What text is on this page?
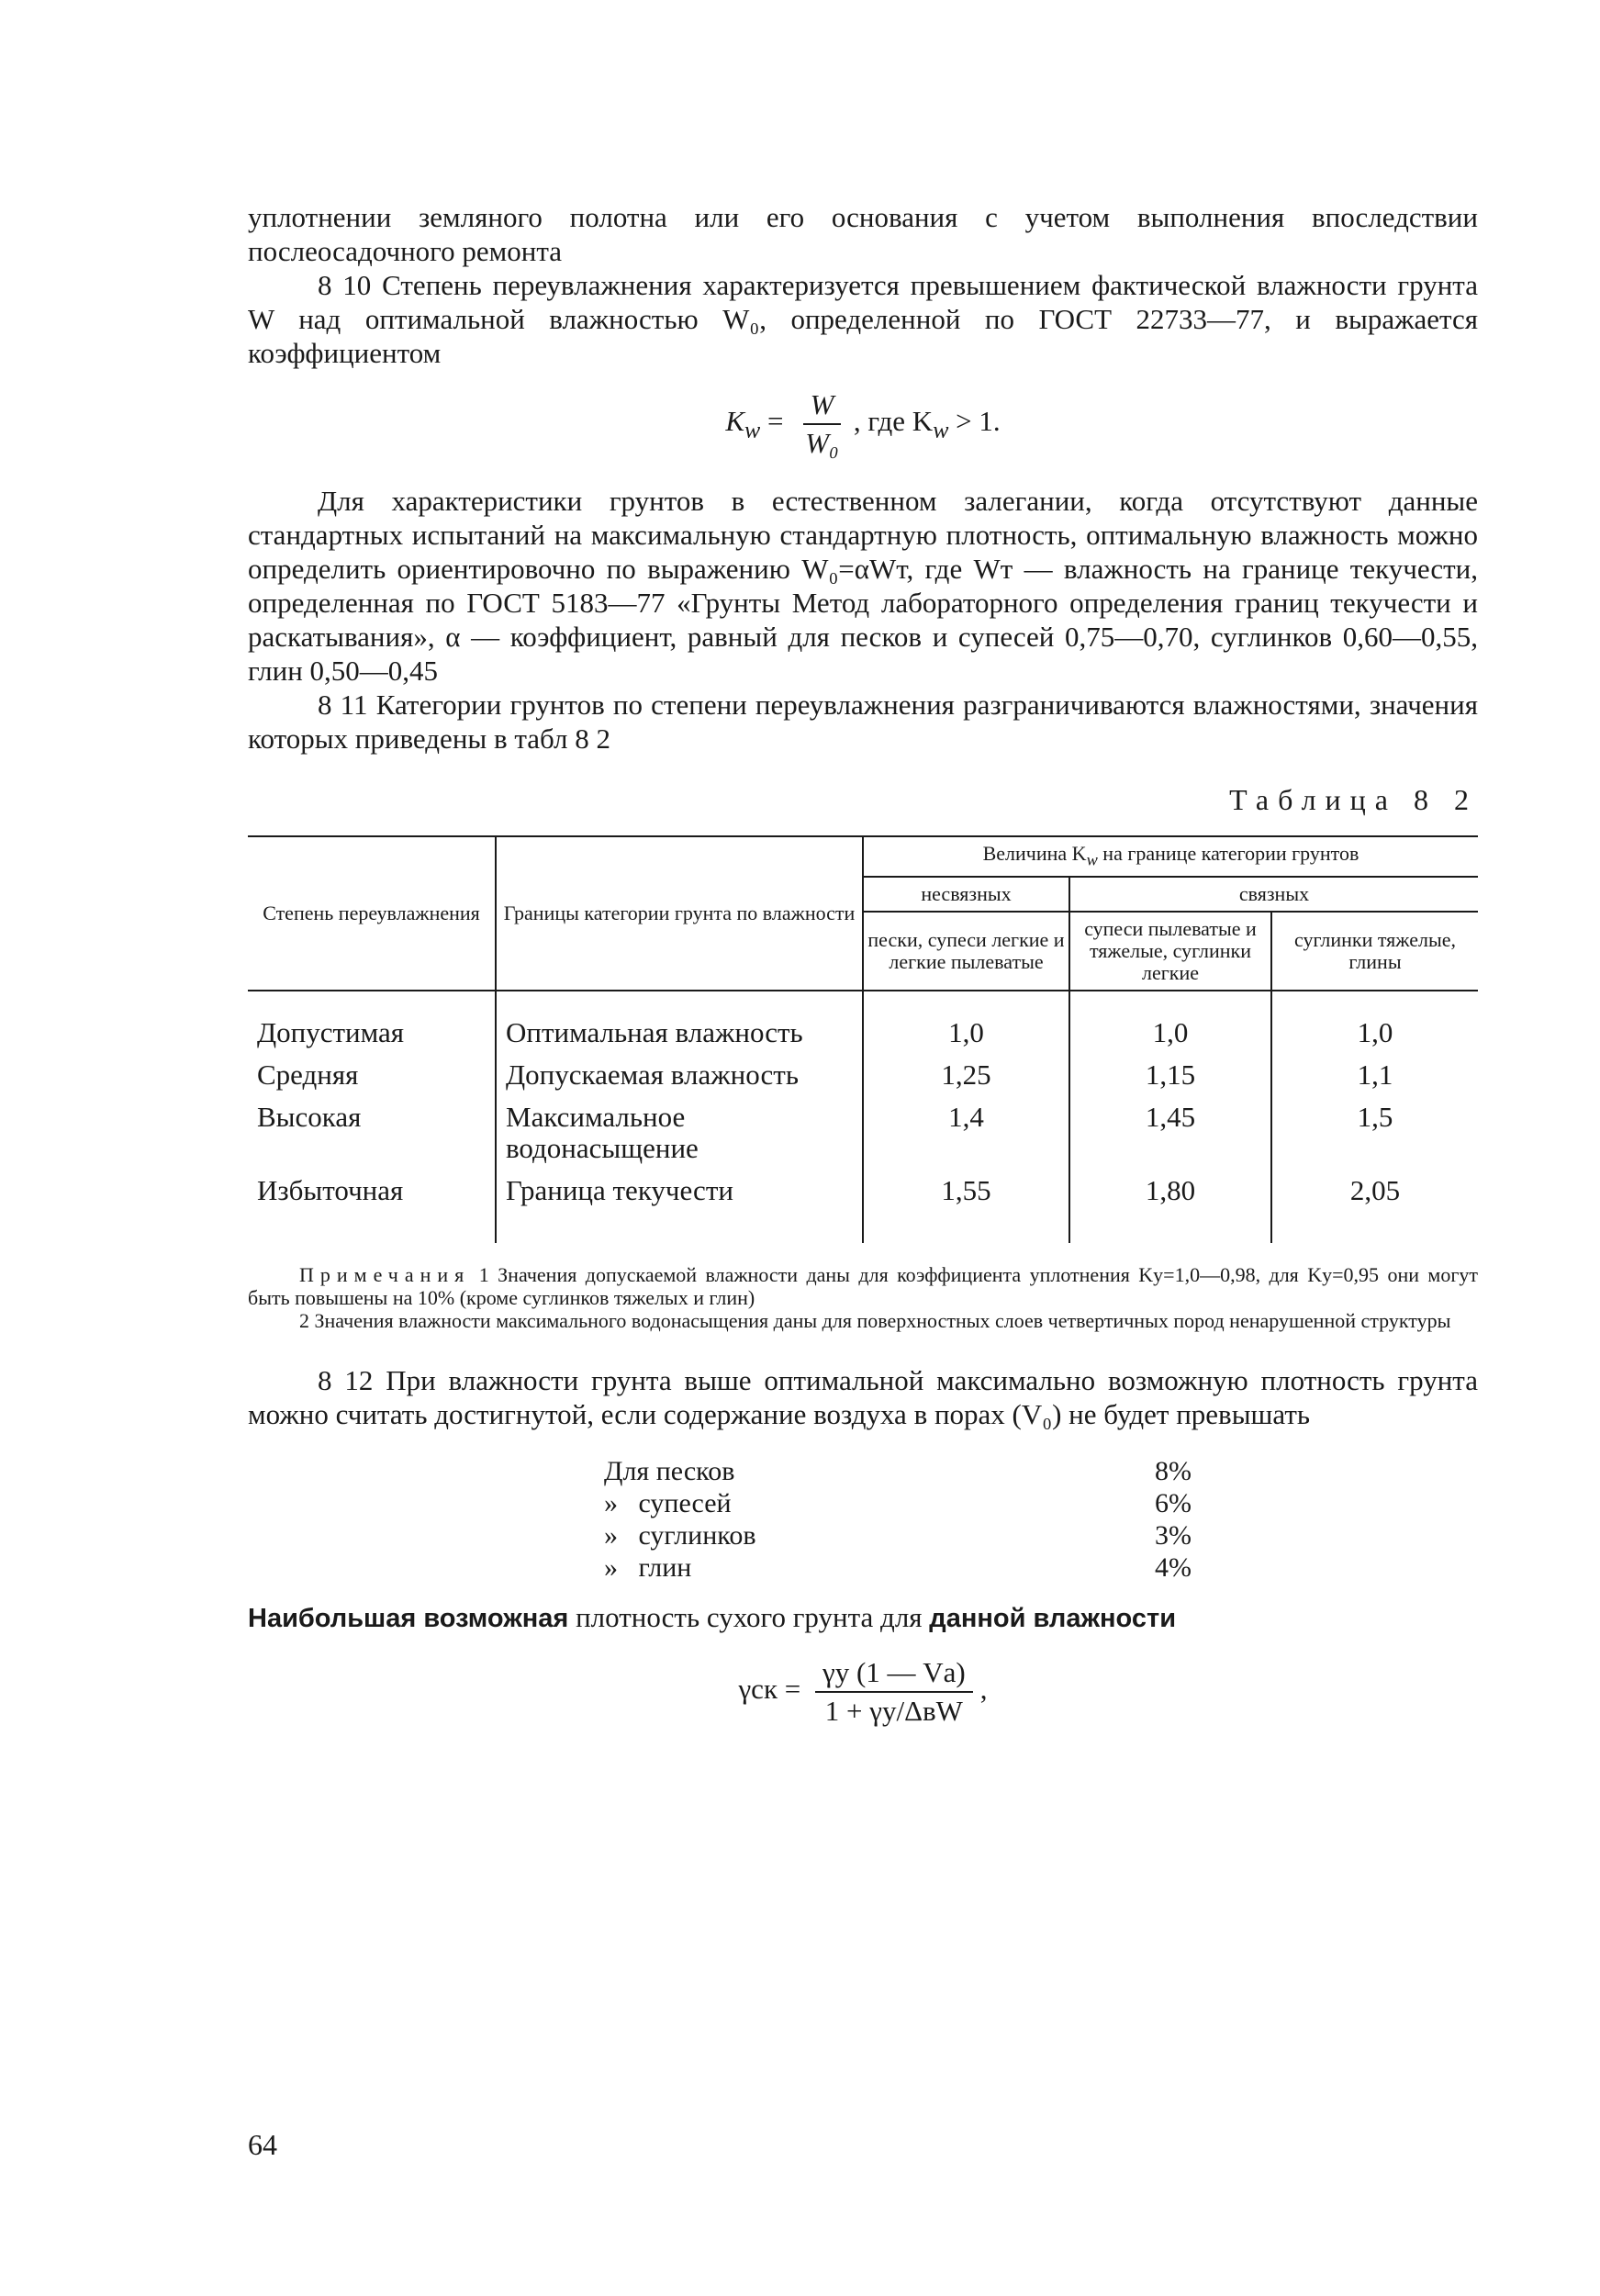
уплотнении земляного полотна или его основания с учетом выполнения впоследствии послеосадочного ремонта

8 10 Степень переувлажнения характеризуется превышением фактической влажности грунта W над оптимальной влажностью W₀, определенной по ГОСТ 22733—77, и выражается коэффициентом

$K_w = \frac{W}{\text{W₀}}$ , где $K_w > 1$.

Для характеристики грунтов в естественном залегании, когда отсутствуют данные стандартных испытаний на максимальную стандартную плотность, оптимальную влажность можно определить ориентировочно по выражению W₀=αWт, где Wт — влажность на границе текучести, определенная по ГОСТ 5183—77 «Грунты Метод лабораторного определения границ текучести и раскатывания», α — коэффициент, равный для песков и супесей 0,75—0,70, суглинков 0,60—0,55, глин 0,50—0,45

8 11 Категории грунтов по степени переувлажнения разграничиваются влажностями, значения которых приведены в табл 8 2

Таблица 8 2
Степень переувлажнения	Границы категории грунта по влажности	Величина $K_w$ на границе категории грунтов		
		несвязных	связных	
		пески, супеси легкие и легкие пылеватые	супеси пылеватые и тяжелые, суглинки легкие	суглинки тяжелые, глины
Допустимая	Оптимальная влажность	1,0	1,0	1,0
Средняя	Допускаемая влажность	1,25	1,15	1,1
Высокая	Максимальное водонасыщение	1,4	1,45	1,5
Избыточная	Граница текучести	1,55	1,80	2,05

Примечания 1 Значения допускаемой влажности даны для коэффициента уплотнения Kу=1,0—0,98, для Kу=0,95 они могут быть повышены на 10% (кроме суглинков тяжелых и глин)

2 Значения влажности максимального водонасыщения даны для поверхностных слоев четвертичных пород ненарушенной структуры

8 12 При влажности грунта выше оптимальной максимально возможную плотность грунта можно считать достигнутой, если содержание воздуха в порах (V₀) не будет превышать

Для песков	8%
»   супесей	6%
»   суглинков	3%
»   глин	4%

Наибольшая возможная плотность сухого грунта для данной влажности

$\gamma ск = \frac{\gamma у (1 — Vа)}{\text{1 + γу/ΔвW}}$ ,
64
